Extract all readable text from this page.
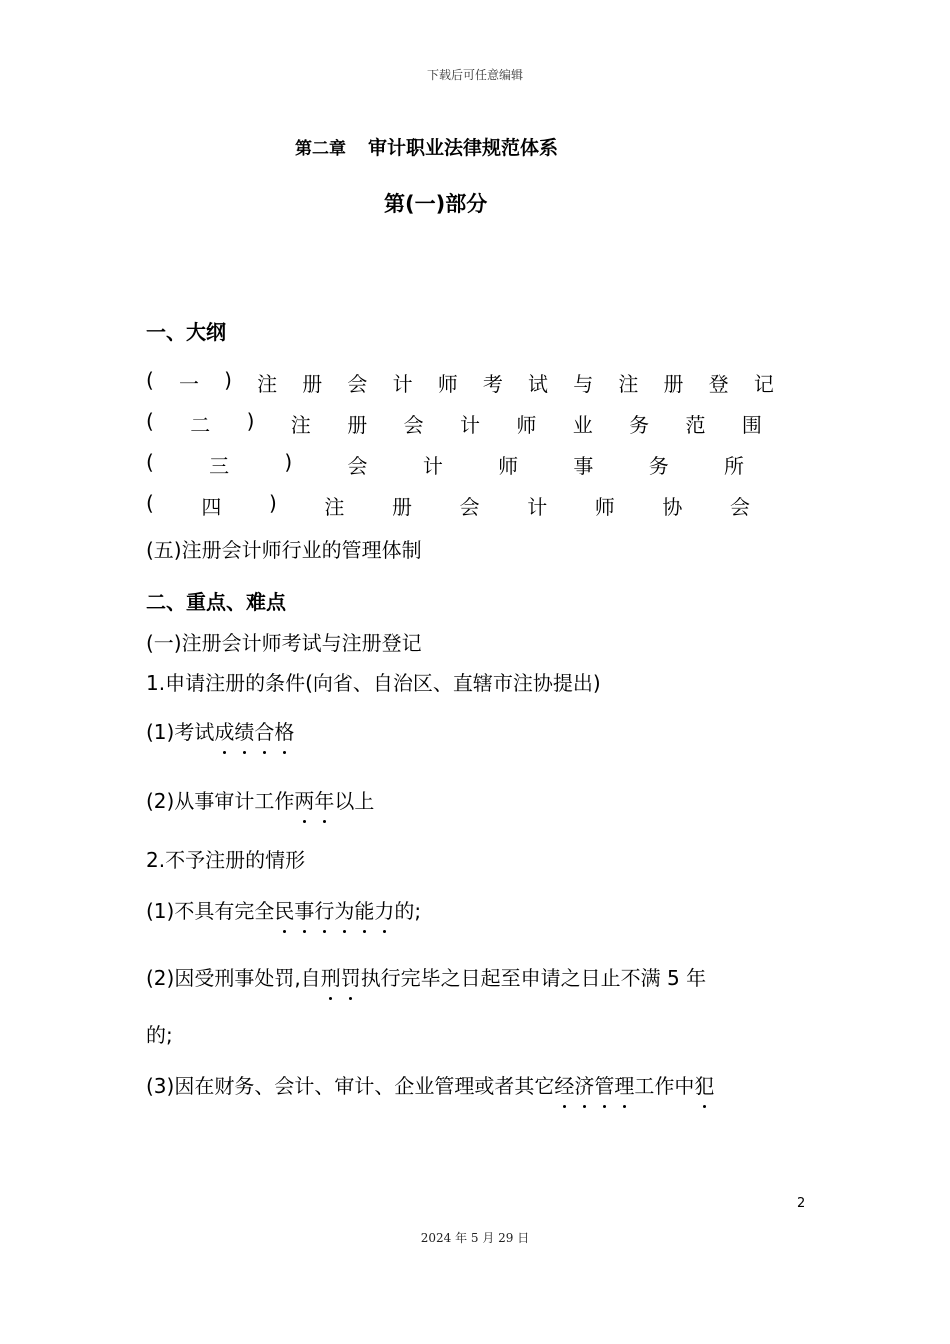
下载后可任意编辑
第二章 审计职业法律规范体系
第(一)部分
一、大纲
( 一 ) 注 册 会 计 师 考 试 与 注 册 登 记
( 二 ) 注 册 会 计 师 业 务 范 围
(	三	)	会	计	师	事	务	所
( 四 ) 注 册 会 计 师 协 会
(五)注册会计师行业的管理体制
二、重点、难点
(一)注册会计师考试与注册登记
1.申请注册的条件(向省、自治区、直辖市注协提出)
(1)考试成绩合格
(2)从事审计工作两年以上
2.不予注册的情形
(1)不具有完全民事行为能力的;
(2)因受刑事处罚,自刑罚执行完毕之日起至申请之日止不满 5 年
的;
(3)因在财务、会计、审计、企业管理或者其它经济管理工作中犯
2
2024 年 5 月 29 日
